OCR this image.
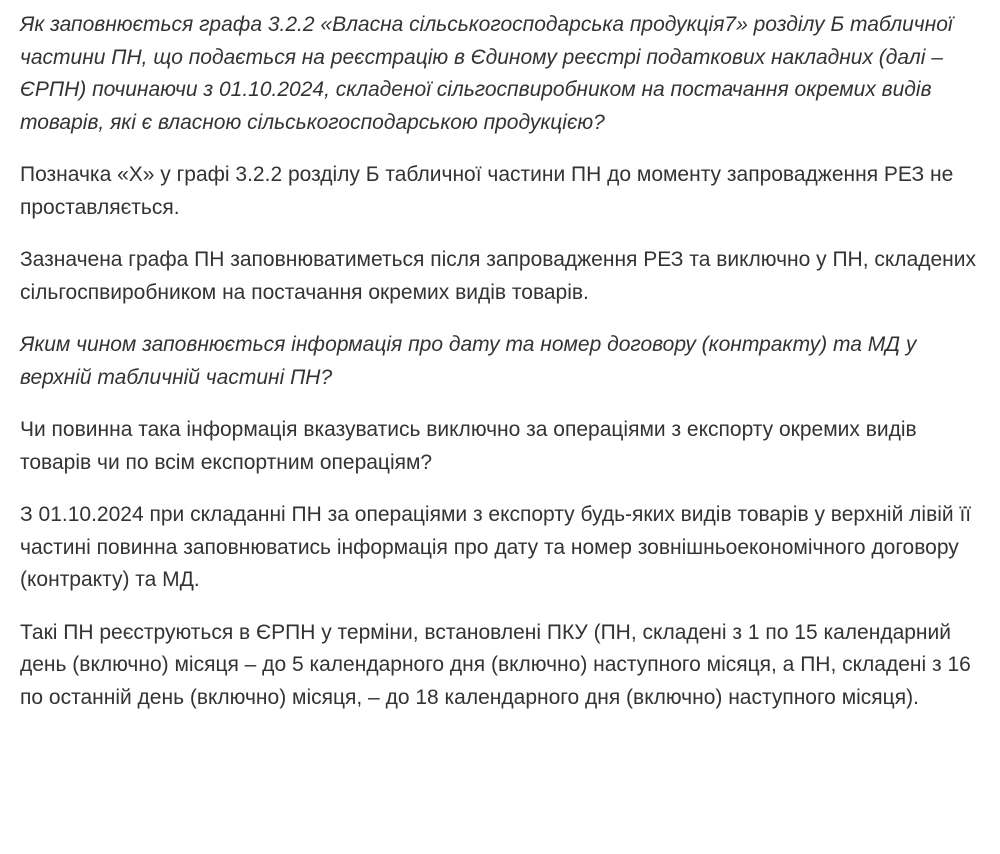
Як заповнюється графа 3.2.2 «Власна сільськогосподарська продукція7» розділу Б табличної частини ПН, що подається на реєстрацію в Єдиному реєстрі податкових накладних (далі – ЄРПН) починаючи з 01.10.2024, складеної сільгоспвиробником на постачання окремих видів товарів, які є власною сільськогосподарською продукцією?

Позначка «Х» у графі 3.2.2 розділу Б табличної частини ПН до моменту запровадження РЕЗ не проставляється.

Зазначена графа ПН заповнюватиметься після запровадження РЕЗ та виключно у ПН, складених сільгоспвиробником на постачання окремих видів товарів.

Яким чином заповнюється інформація про дату та номер договору (контракту) та МД у верхній табличній частині ПН?

Чи повинна така інформація вказуватись виключно за операціями з експорту окремих видів товарів чи по всім експортним операціям?

З 01.10.2024 при складанні ПН за операціями з експорту будь-яких видів товарів у верхній лівій її частині повинна заповнюватись інформація про дату та номер зовнішньоекономічного договору (контракту) та МД.

Такі ПН реєструються в ЄРПН у терміни, встановлені ПКУ (ПН, складені з 1 по 15 календарний день (включно) місяця – до 5 календарного дня (включно) наступного місяця, а ПН, складені з 16 по останній день (включно) місяця, – до 18 календарного дня (включно) наступного місяця).
